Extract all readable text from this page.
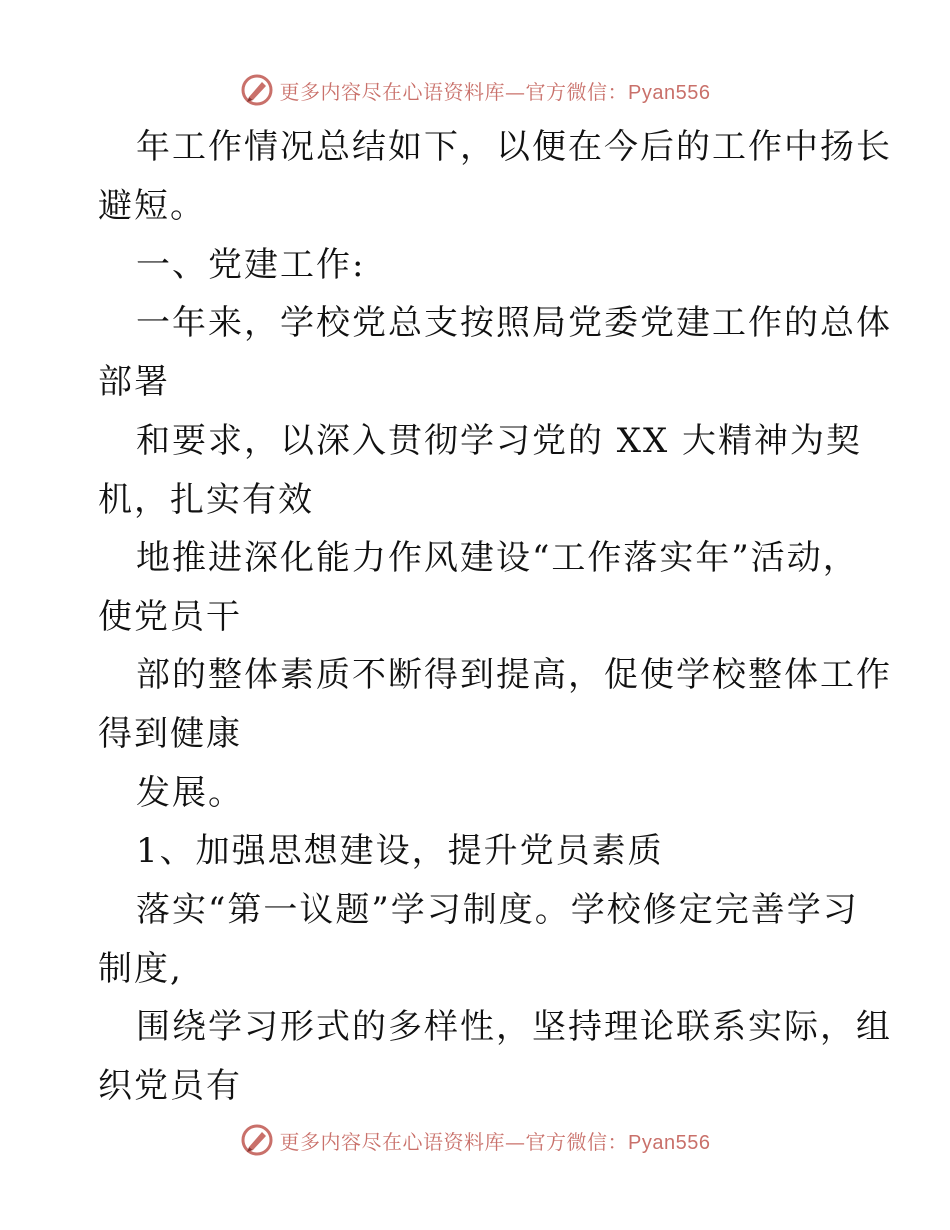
更多内容尽在心语资料库—官方微信：Pyan556
年工作情况总结如下，以便在今后的工作中扬长
避短。
一、党建工作:
一年来，学校党总支按照局党委党建工作的总体
部署
和要求，以深入贯彻学习党的 XX 大精神为契
机，扎实有效
地推进深化能力作风建设“工作落实年”活动，
使党员干
部的整体素质不断得到提高，促使学校整体工作
得到健康
发展。
1、加强思想建设，提升党员素质
落实“第一议题”学习制度。学校修定完善学习
制度,
围绕学习形式的多样性，坚持理论联系实际，组
织党员有
更多内容尽在心语资料库—官方微信：Pyan556
